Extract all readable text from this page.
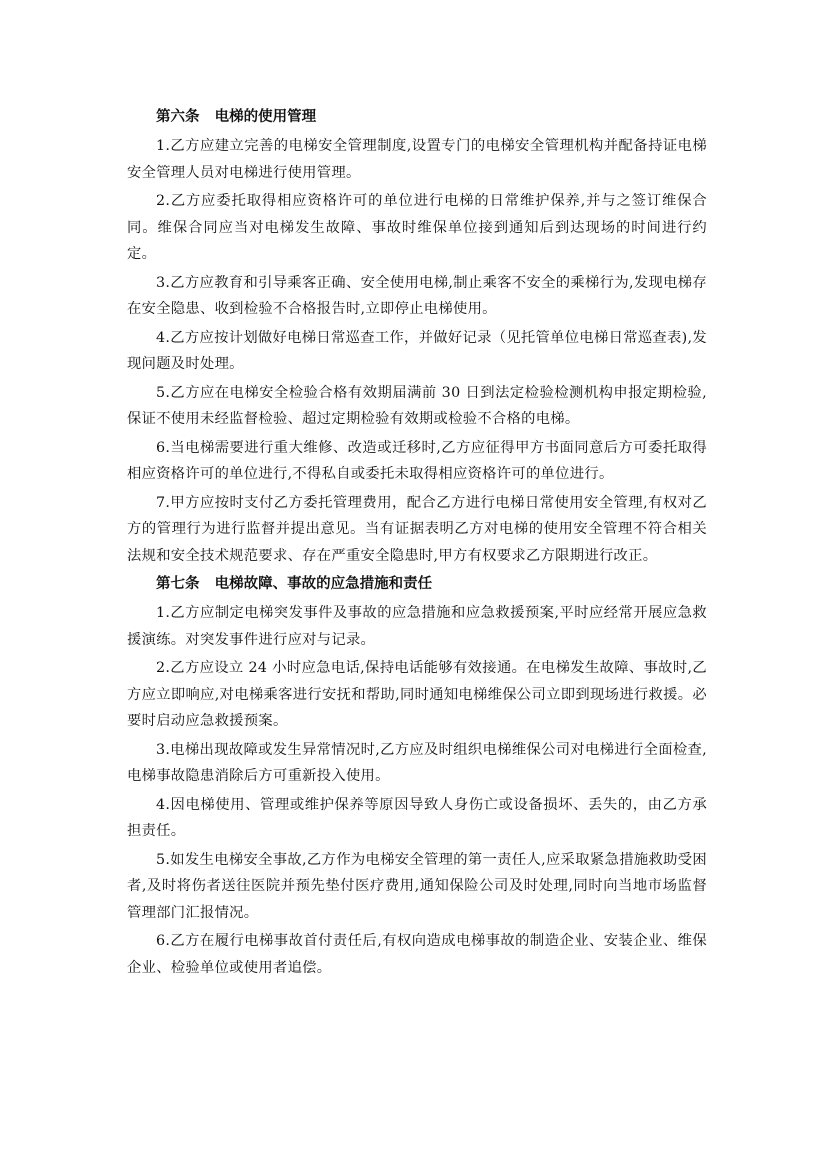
第六条   电梯的使用管理

1.乙方应建立完善的电梯安全管理制度,设置专门的电梯安全管理机构并配备持证电梯安全管理人员对电梯进行使用管理。

2.乙方应委托取得相应资格许可的单位进行电梯的日常维护保养,并与之签订维保合同。维保合同应当对电梯发生故障、事故时维保单位接到通知后到达现场的时间进行约定。

3.乙方应教育和引导乘客正确、安全使用电梯,制止乘客不安全的乘梯行为,发现电梯存在安全隐患、收到检验不合格报告时,立即停止电梯使用。

4.乙方应按计划做好电梯日常巡查工作，并做好记录（见托管单位电梯日常巡查表),发现问题及时处理。

5.乙方应在电梯安全检验合格有效期届满前 30 日到法定检验检测机构申报定期检验,保证不使用未经监督检验、超过定期检验有效期或检验不合格的电梯。

6.当电梯需要进行重大维修、改造或迁移时,乙方应征得甲方书面同意后方可委托取得相应资格许可的单位进行,不得私自或委托未取得相应资格许可的单位进行。

7.甲方应按时支付乙方委托管理费用，配合乙方进行电梯日常使用安全管理,有权对乙方的管理行为进行监督并提出意见。当有证据表明乙方对电梯的使用安全管理不符合相关法规和安全技术规范要求、存在严重安全隐患时,甲方有权要求乙方限期进行改正。

第七条   电梯故障、事故的应急措施和责任

1.乙方应制定电梯突发事件及事故的应急措施和应急救援预案,平时应经常开展应急救援演练。对突发事件进行应对与记录。

2.乙方应设立 24 小时应急电话,保持电话能够有效接通。在电梯发生故障、事故时,乙方应立即响应,对电梯乘客进行安抚和帮助,同时通知电梯维保公司立即到现场进行救援。必要时启动应急救援预案。

3.电梯出现故障或发生异常情况时,乙方应及时组织电梯维保公司对电梯进行全面检查,电梯事故隐患消除后方可重新投入使用。

4.因电梯使用、管理或维护保养等原因导致人身伤亡或设备损坏、丢失的，由乙方承担责任。

5.如发生电梯安全事故,乙方作为电梯安全管理的第一责任人,应采取紧急措施救助受困者,及时将伤者送往医院并预先垫付医疗费用,通知保险公司及时处理,同时向当地市场监督管理部门汇报情况。

6.乙方在履行电梯事故首付责任后,有权向造成电梯事故的制造企业、安装企业、维保企业、检验单位或使用者追偿。
